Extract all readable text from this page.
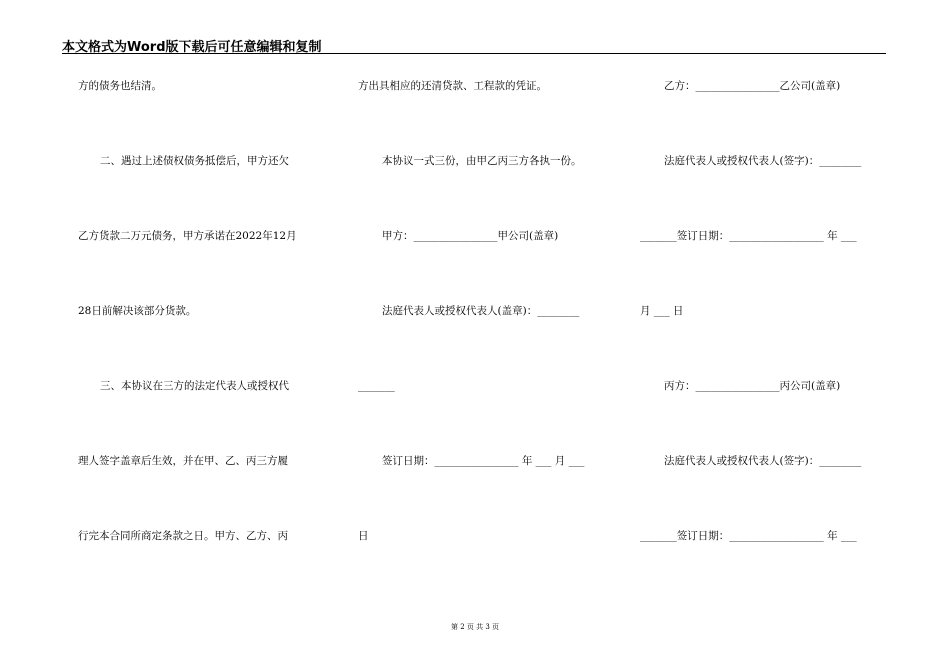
本文格式为Word版下载后可任意编辑和复制
方的债务也结清。
二、遇过上述债权债务抵偿后，甲方还欠
乙方货款二万元债务，甲方承诺在2022年12月
28日前解决该部分货款。
三、本协议在三方的法定代表人或授权代
理人签字盖章后生效，并在甲、乙、丙三方履
行完本合同所商定条款之日。甲方、乙方、丙
方出具相应的还清贷款、工程款的凭证。
本协议一式三份，由甲乙丙三方各执一份。
甲方：________________甲公司(盖章)
法庭代表人或授权代表人(盖章)：________
_______
签订日期：________________ 年 ___ 月 ___
日
乙方：________________乙公司(盖章)
法庭代表人或授权代表人(签字)：________
_______签订日期：__________________ 年 ___
月 ___ 日
丙方：________________丙公司(盖章)
法庭代表人或授权代表人(签字)：________
_______签订日期：__________________ 年 ___
第 2 页 共 3 页
